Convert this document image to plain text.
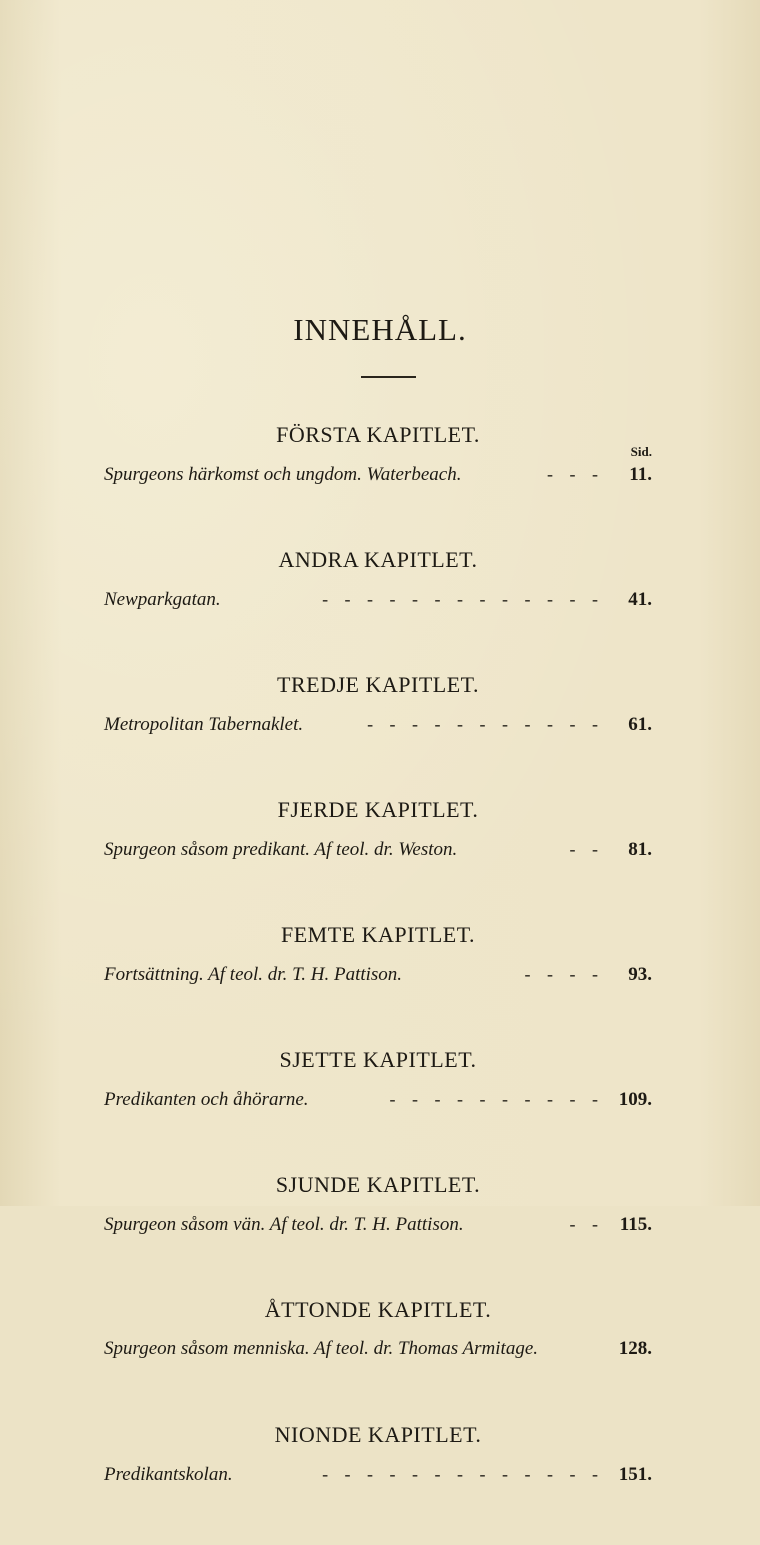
INNEHÅLL.
FÖRSTA KAPITLET.
Sid.
Spurgeons härkomst och ungdom. Waterbeach.	- - -	11.
ANDRA KAPITLET.
Newparkgatan.	- - - - - - - - - - - - -	41.
TREDJE KAPITLET.
Metropolitan Tabernaklet.	- - - - - - - - - - -	61.
FJERDE KAPITLET.
Spurgeon såsom predikant. Af teol. dr. Weston.	- -	81.
FEMTE KAPITLET.
Fortsättning. Af teol. dr. T. H. Pattison.	- - - -	93.
SJETTE KAPITLET.
Predikanten och åhörarne.	- - - - - - - - - - 109.
SJUNDE KAPITLET.
Spurgeon såsom vän. Af teol. dr. T. H. Pattison.	- - 115.
ÅTTONDE KAPITLET.
Spurgeon såsom menniska. Af teol. dr. Thomas Armitage.	128.
NIONDE KAPITLET.
Predikantskolan.	- - - - - - - - - - - - - 151.
